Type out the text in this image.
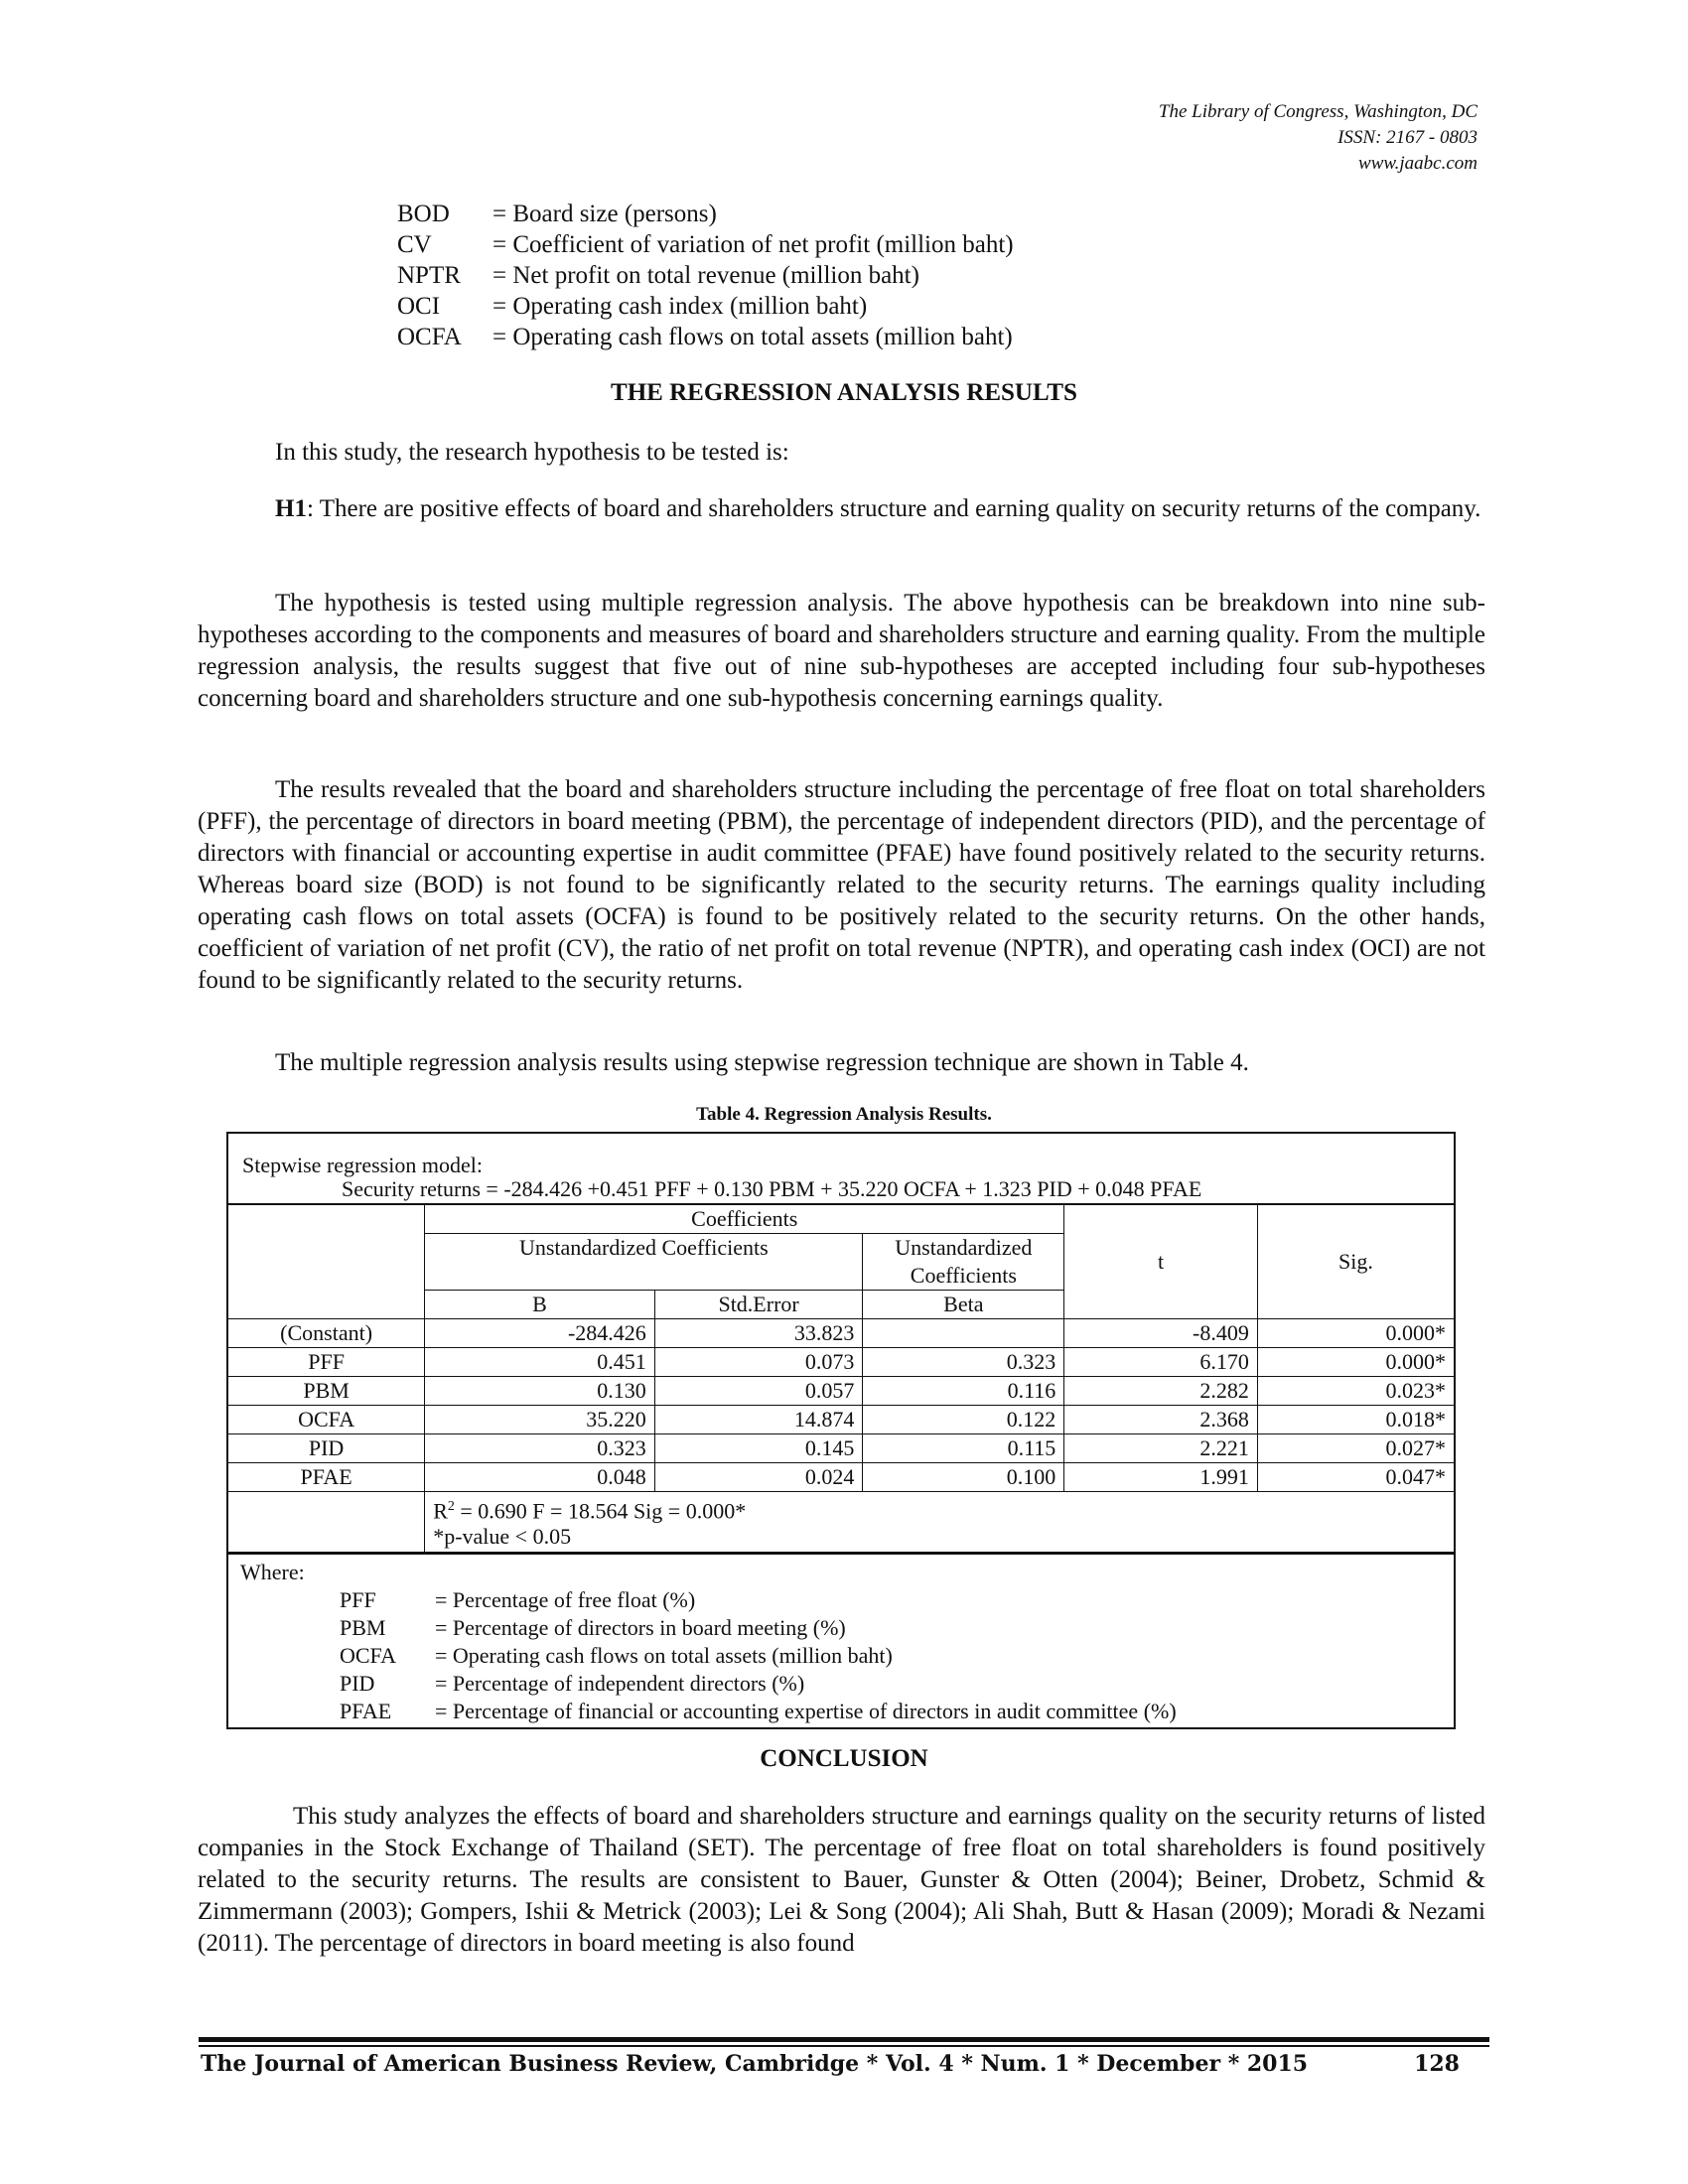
The Library of Congress, Washington, DC
ISSN: 2167 - 0803
www.jaabc.com
BOD	= Board size (persons)
CV	= Coefficient of variation of net profit (million baht)
NPTR	= Net profit on total revenue (million baht)
OCI	= Operating cash index (million baht)
OCFA	= Operating cash flows on total assets (million baht)
THE REGRESSION ANALYSIS RESULTS
In this study, the research hypothesis to be tested is:
H1: There are positive effects of board and shareholders structure and earning quality on security returns of the company.
The hypothesis is tested using multiple regression analysis. The above hypothesis can be breakdown into nine sub-hypotheses according to the components and measures of board and shareholders structure and earning quality. From the multiple regression analysis, the results suggest that five out of nine sub-hypotheses are accepted including four sub-hypotheses concerning board and shareholders structure and one sub-hypothesis concerning earnings quality.
The results revealed that the board and shareholders structure including the percentage of free float on total shareholders (PFF), the percentage of directors in board meeting (PBM), the percentage of independent directors (PID), and the percentage of directors with financial or accounting expertise in audit committee (PFAE) have found positively related to the security returns. Whereas board size (BOD) is not found to be significantly related to the security returns. The earnings quality including operating cash flows on total assets (OCFA) is found to be positively related to the security returns. On the other hands, coefficient of variation of net profit (CV), the ratio of net profit on total revenue (NPTR), and operating cash index (OCI) are not found to be significantly related to the security returns.
The multiple regression analysis results using stepwise regression technique are shown in Table 4.
Table 4. Regression Analysis Results.
Stepwise regression model:
Security returns = -284.426 +0.451 PFF + 0.130 PBM + 35.220 OCFA + 1.323 PID + 0.048 PFAE
	Coefficients			t	Sig.
	Unstandardized Coefficients		Unstandardized
Coefficients		

	B	Std.Error	Beta		
(Constant)	-284.426	33.823		-8.409	0.000*
PFF	0.451	0.073	0.323	6.170	0.000*
PBM	0.130	0.057	0.116	2.282	0.023*
OCFA	35.220	14.874	0.122	2.368	0.018*
PID	0.323	0.145	0.115	2.221	0.027*
PFAE	0.048	0.024	0.100	1.991	0.047*

	$R^2 = 0.690$ F = 18.564 Sig = 0.000*
*p-value < 0.05				
Where:
PFF	= Percentage of free float (%)
PBM	= Percentage of directors in board meeting (%)
OCFA	= Operating cash flows on total assets (million baht)
PID	= Percentage of independent directors (%)
PFAE	= Percentage of financial or accounting expertise of directors in audit committee (%)
CONCLUSION
This study analyzes the effects of board and shareholders structure and earnings quality on the security returns of listed companies in the Stock Exchange of Thailand (SET). The percentage of free float on total shareholders is found positively related to the security returns. The results are consistent to Bauer, Gunster & Otten (2004); Beiner, Drobetz, Schmid & Zimmermann (2003); Gompers, Ishii & Metrick (2003); Lei & Song (2004); Ali Shah, Butt & Hasan (2009); Moradi & Nezami (2011). The percentage of directors in board meeting is also found
The Journal of American Business Review, Cambridge * Vol. 4 * Num. 1 * December * 2015	128
